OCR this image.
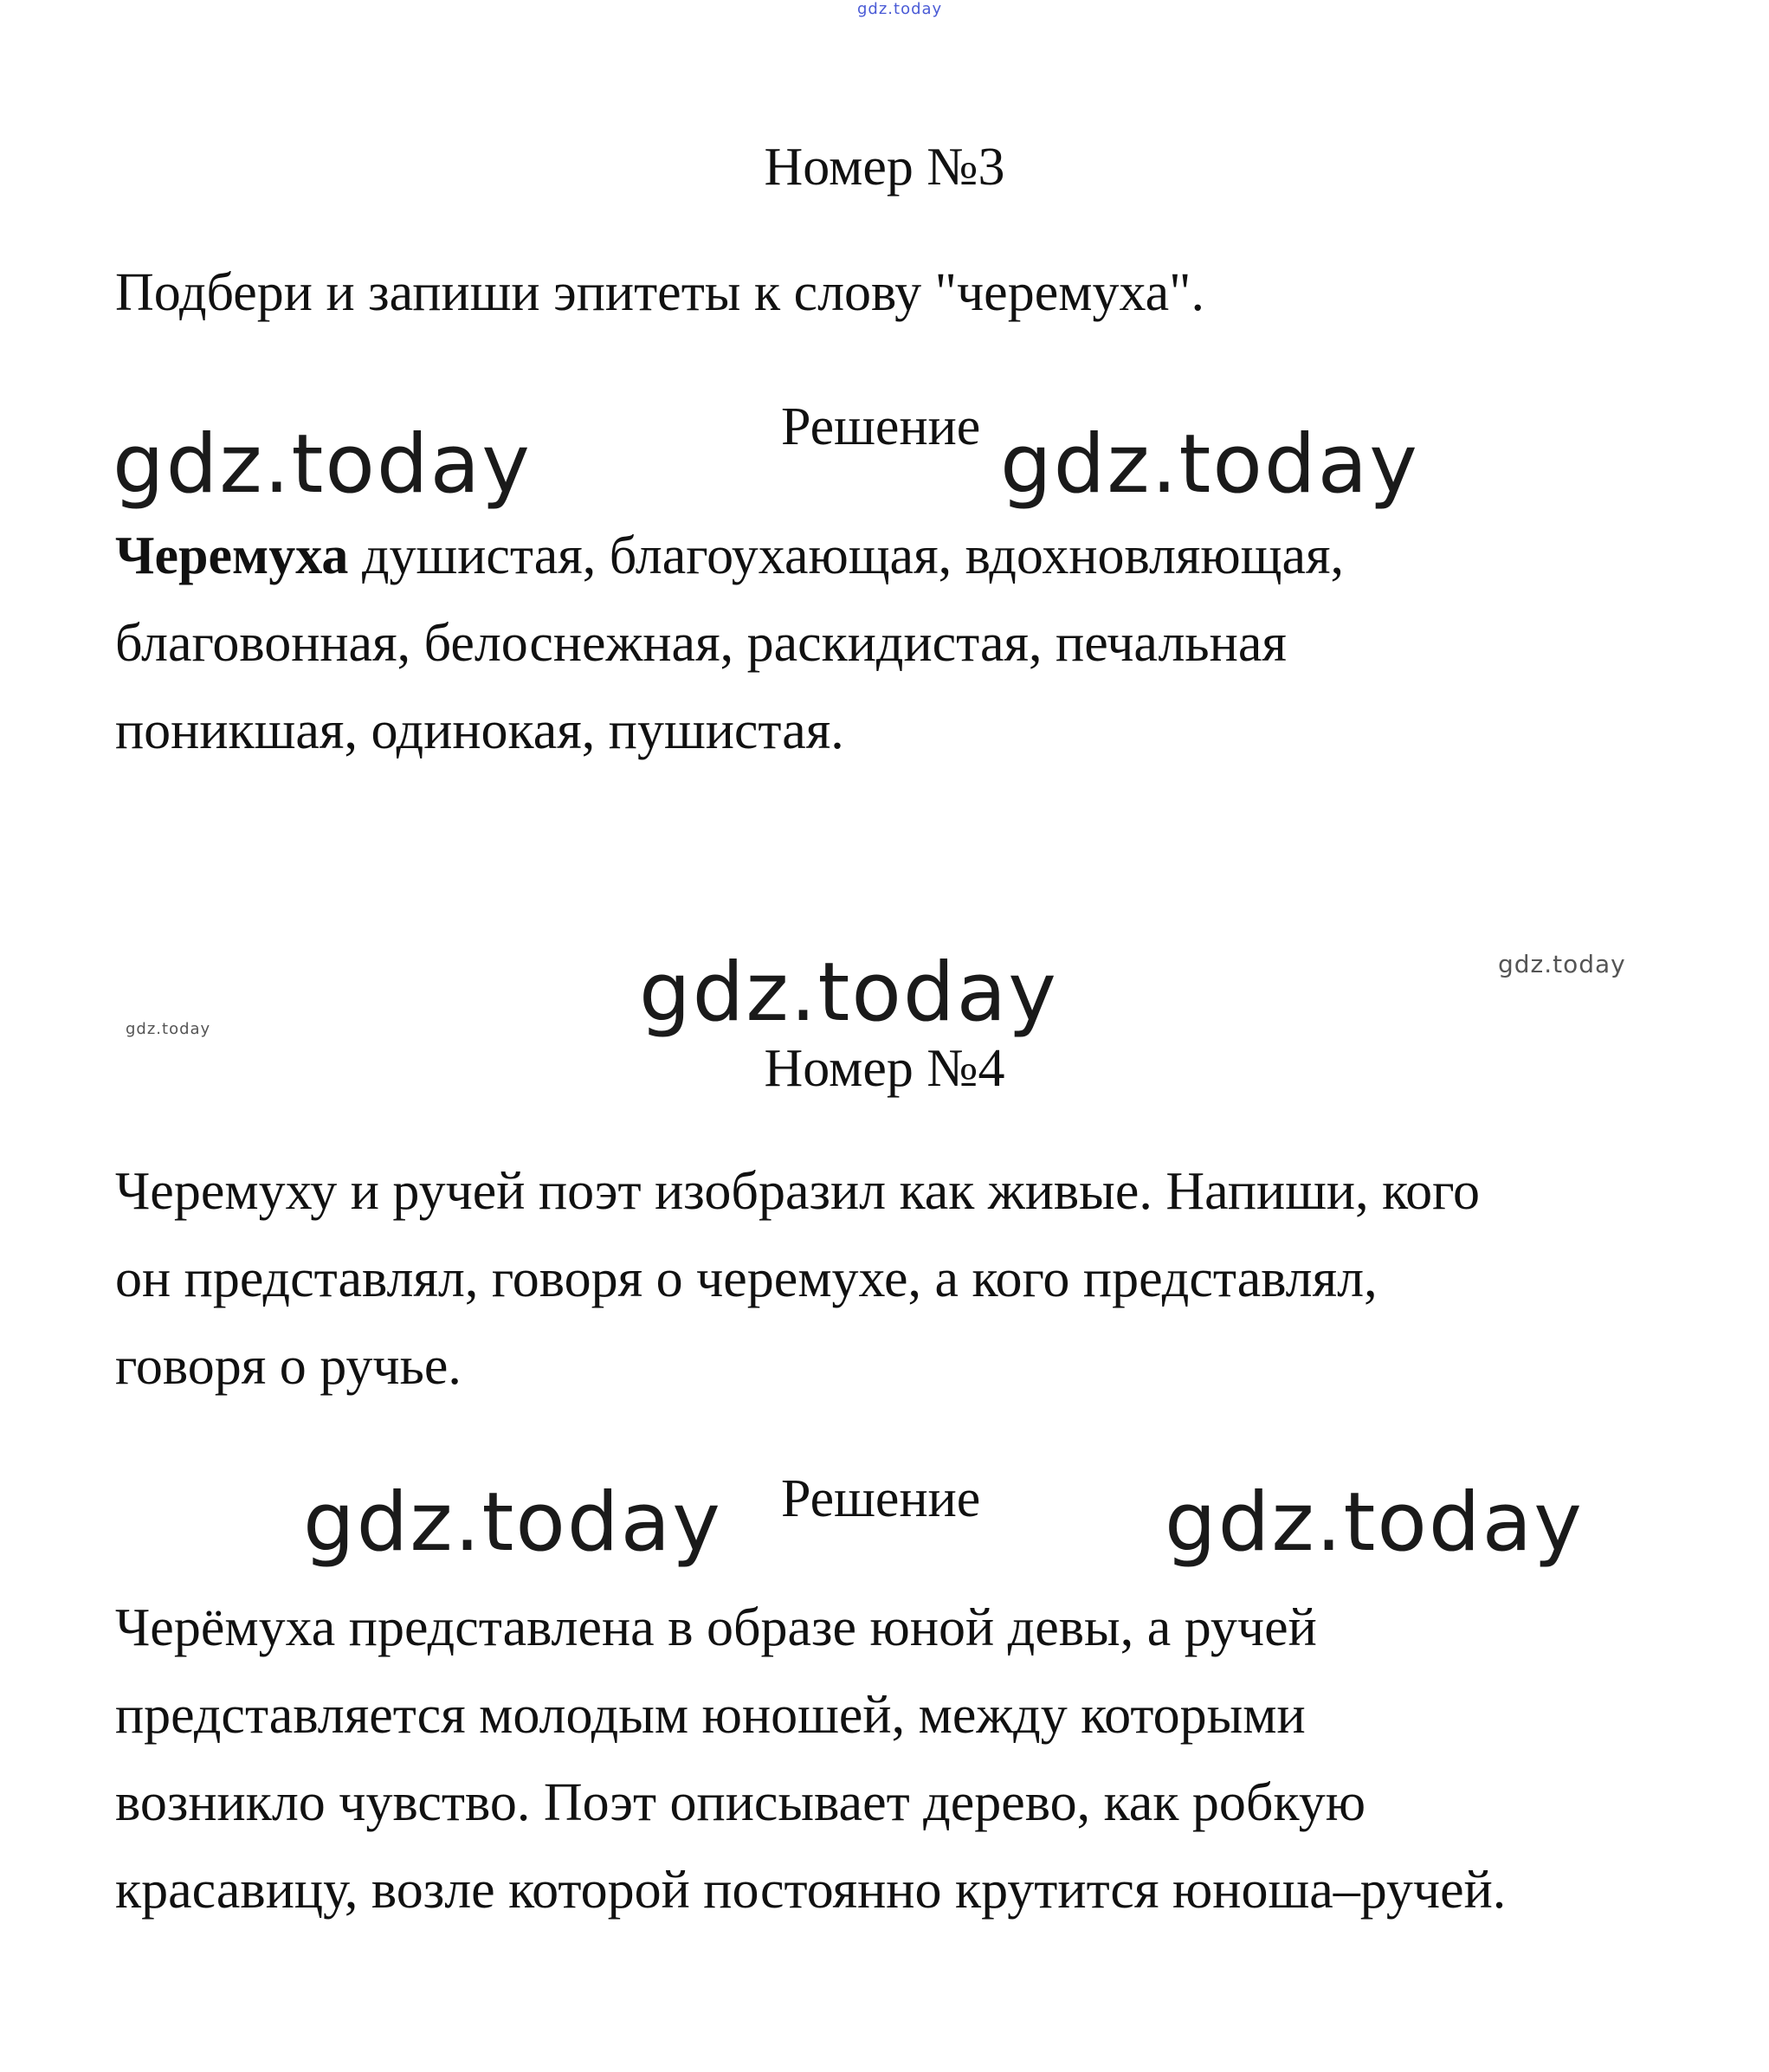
gdz.today
Номер №3
Подбери и запиши эпитеты к слову "черемуха".
Решение
gdz.today	gdz.today
Черемуха душистая, благоухающая, вдохновляющая,
благовонная, белоснежная, раскидистая, печальная
поникшая, одинокая, пушистая.
gdz.today
gdz.today	gdz.today
Номер №4
Черемуху и ручей поэт изобразил как живые. Напиши, кого
он представлял, говоря о черемухе, а кого представлял,
говоря о ручье.
Решение
gdz.today	gdz.today
Черёмуха представлена в образе юной девы, а ручей
представляется молодым юношей, между которыми
возникло чувство. Поэт описывает дерево, как робкую
красавицу, возле которой постоянно крутится юноша–ручей.
